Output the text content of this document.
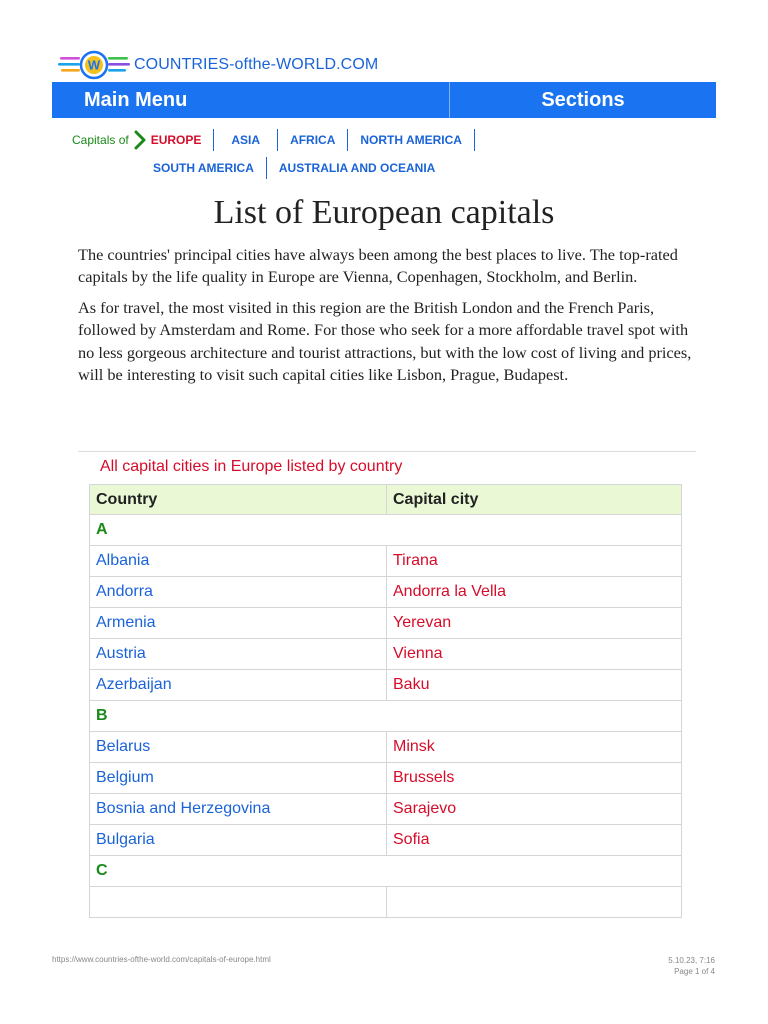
W COUNTRIES-ofthe-WORLD.COM
Main Menu	Sections
Capitals of EUROPE	ASIA	AFRICA	NORTH AMERICA
SOUTH AMERICA	AUSTRALIA AND OCEANIA
List of European capitals

The countries' principal cities have always been among the best places to live. The top-rated capitals by the life quality in Europe are Vienna, Copenhagen, Stockholm, and Berlin.

As for travel, the most visited in this region are the British London and the French Paris, followed by Amsterdam and Rome. For those who seek for a more affordable travel spot with no less gorgeous architecture and tourist attractions, but with the low cost of living and prices, will be interesting to visit such capital cities like Lisbon, Prague, Budapest.

All capital cities in Europe listed by country
Country	Capital city
A	
Albania	Tirana
Andorra	Andorra la Vella
Armenia	Yerevan
Austria	Vienna
Azerbaijan	Baku
B	
Belarus	Minsk
Belgium	Brussels
Bosnia and Herzegovina	Sarajevo
Bulgaria	Sofia
C	

https://www.countries-ofthe-world.com/capitals-of-europe.html	5.10.23, 7:16
Page 1 of 4
